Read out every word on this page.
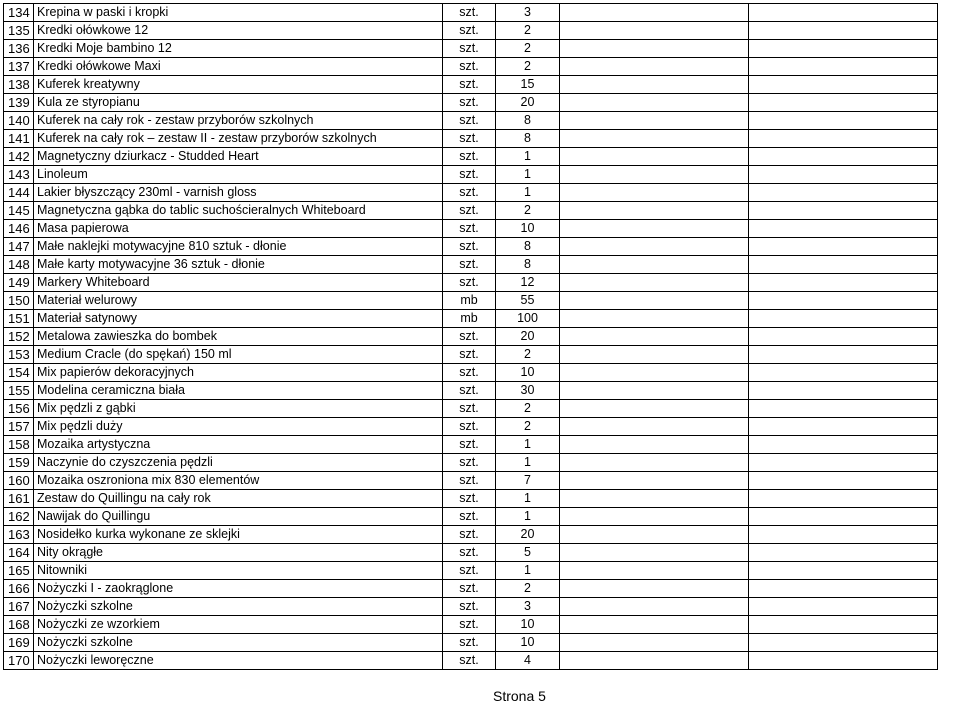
134	Krepina w paski i kropki	szt.	3		
135	Kredki ołówkowe 12	szt.	2		
136	Kredki Moje bambino 12	szt.	2		
137	Kredki ołówkowe Maxi	szt.	2		
138	Kuferek kreatywny	szt.	15		
139	Kula ze styropianu	szt.	20		
140	Kuferek na cały rok - zestaw przyborów szkolnych	szt.	8		
141	Kuferek na cały rok – zestaw II - zestaw przyborów szkolnych	szt.	8		
142	Magnetyczny dziurkacz - Studded Heart	szt.	1		
143	Linoleum	szt.	1		
144	Lakier błyszczący 230ml - varnish gloss	szt.	1		
145	Magnetyczna gąbka do tablic suchościeralnych Whiteboard	szt.	2		
146	Masa papierowa	szt.	10		
147	Małe naklejki motywacyjne 810 sztuk - dłonie	szt.	8		
148	Małe karty motywacyjne 36 sztuk - dłonie	szt.	8		
149	Markery Whiteboard	szt.	12		
150	Materiał welurowy	mb	55		
151	Materiał satynowy	mb	100		
152	Metalowa zawieszka do bombek	szt.	20		
153	Medium Cracle (do spękań) 150 ml	szt.	2		
154	Mix papierów dekoracyjnych	szt.	10		
155	Modelina ceramiczna biała	szt.	30		
156	Mix pędzli z gąbki	szt.	2		
157	Mix pędzli duży	szt.	2		
158	Mozaika artystyczna	szt.	1		
159	Naczynie do czyszczenia pędzli	szt.	1		
160	Mozaika oszroniona mix 830 elementów	szt.	7		
161	Zestaw do Quillingu na cały rok	szt.	1		
162	Nawijak do Quillingu	szt.	1		
163	Nosidełko kurka wykonane ze sklejki	szt.	20		
164	Nity okrągłe	szt.	5		
165	Nitowniki	szt.	1		
166	Nożyczki I - zaokrąglone	szt.	2		
167	Nożyczki szkolne	szt.	3		
168	Nożyczki ze wzorkiem	szt.	10		
169	Nożyczki szkolne	szt.	10		
170	Nożyczki leworęczne	szt.	4		
Strona 5
